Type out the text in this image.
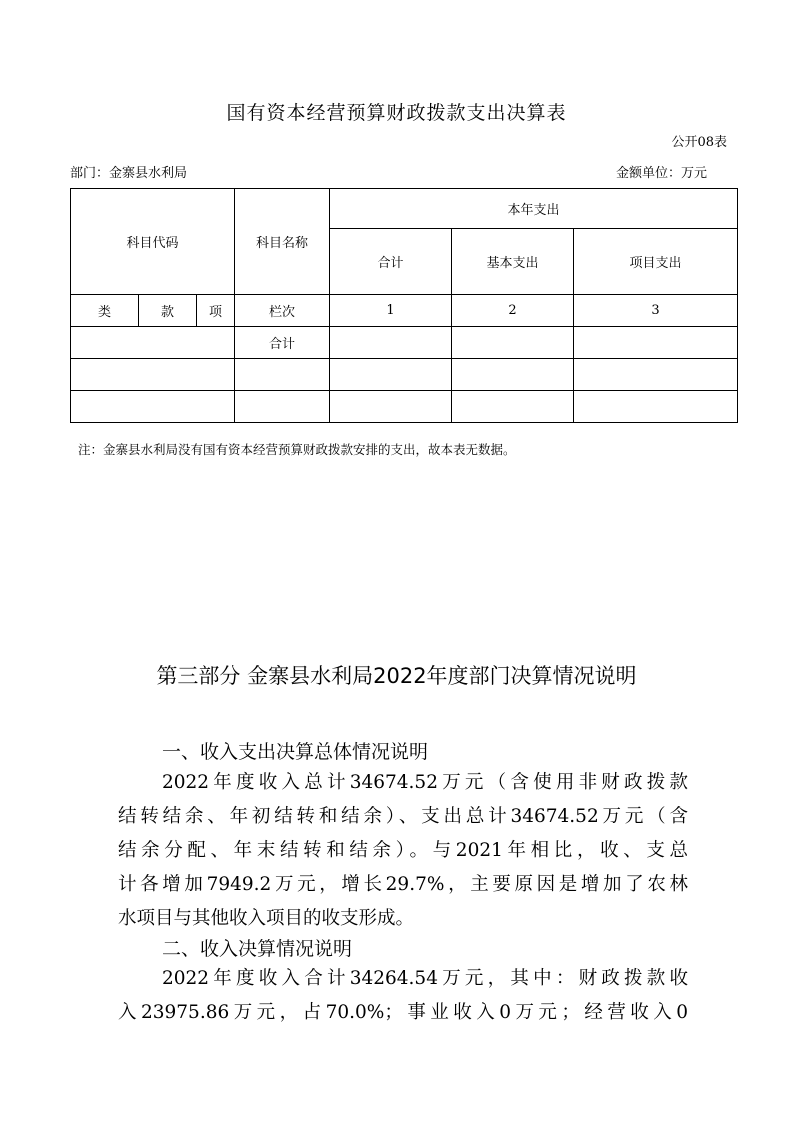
国有资本经营预算财政拨款支出决算表
公开08表
部门：金寨县水利局	金额单位：万元
科目代码			科目名称	本年支出		
				合计	基本支出	项目支出
类	款	项	栏次	1	2	3
			合计			

注：金寨县水利局没有国有资本经营预算财政拨款安排的支出，故本表无数据。
第三部分 金寨县水利局2022年度部门决算情况说明
一、收入支出决算总体情况说明
2022年度收入总计34674.52万元（含使用非财政拨款
结转结余、年初结转和结余）、支出总计34674.52万元（含
结余分配、年末结转和结余）。与2021年相比，收、支总
计各增加7949.2万元，增长29.7%，主要原因是增加了农林
水项目与其他收入项目的收支形成。
二、收入决算情况说明
2022年度收入合计34264.54万元，其中：财政拨款收
入23975.86万元，占70.0%；事业收入0万元；经营收入0
